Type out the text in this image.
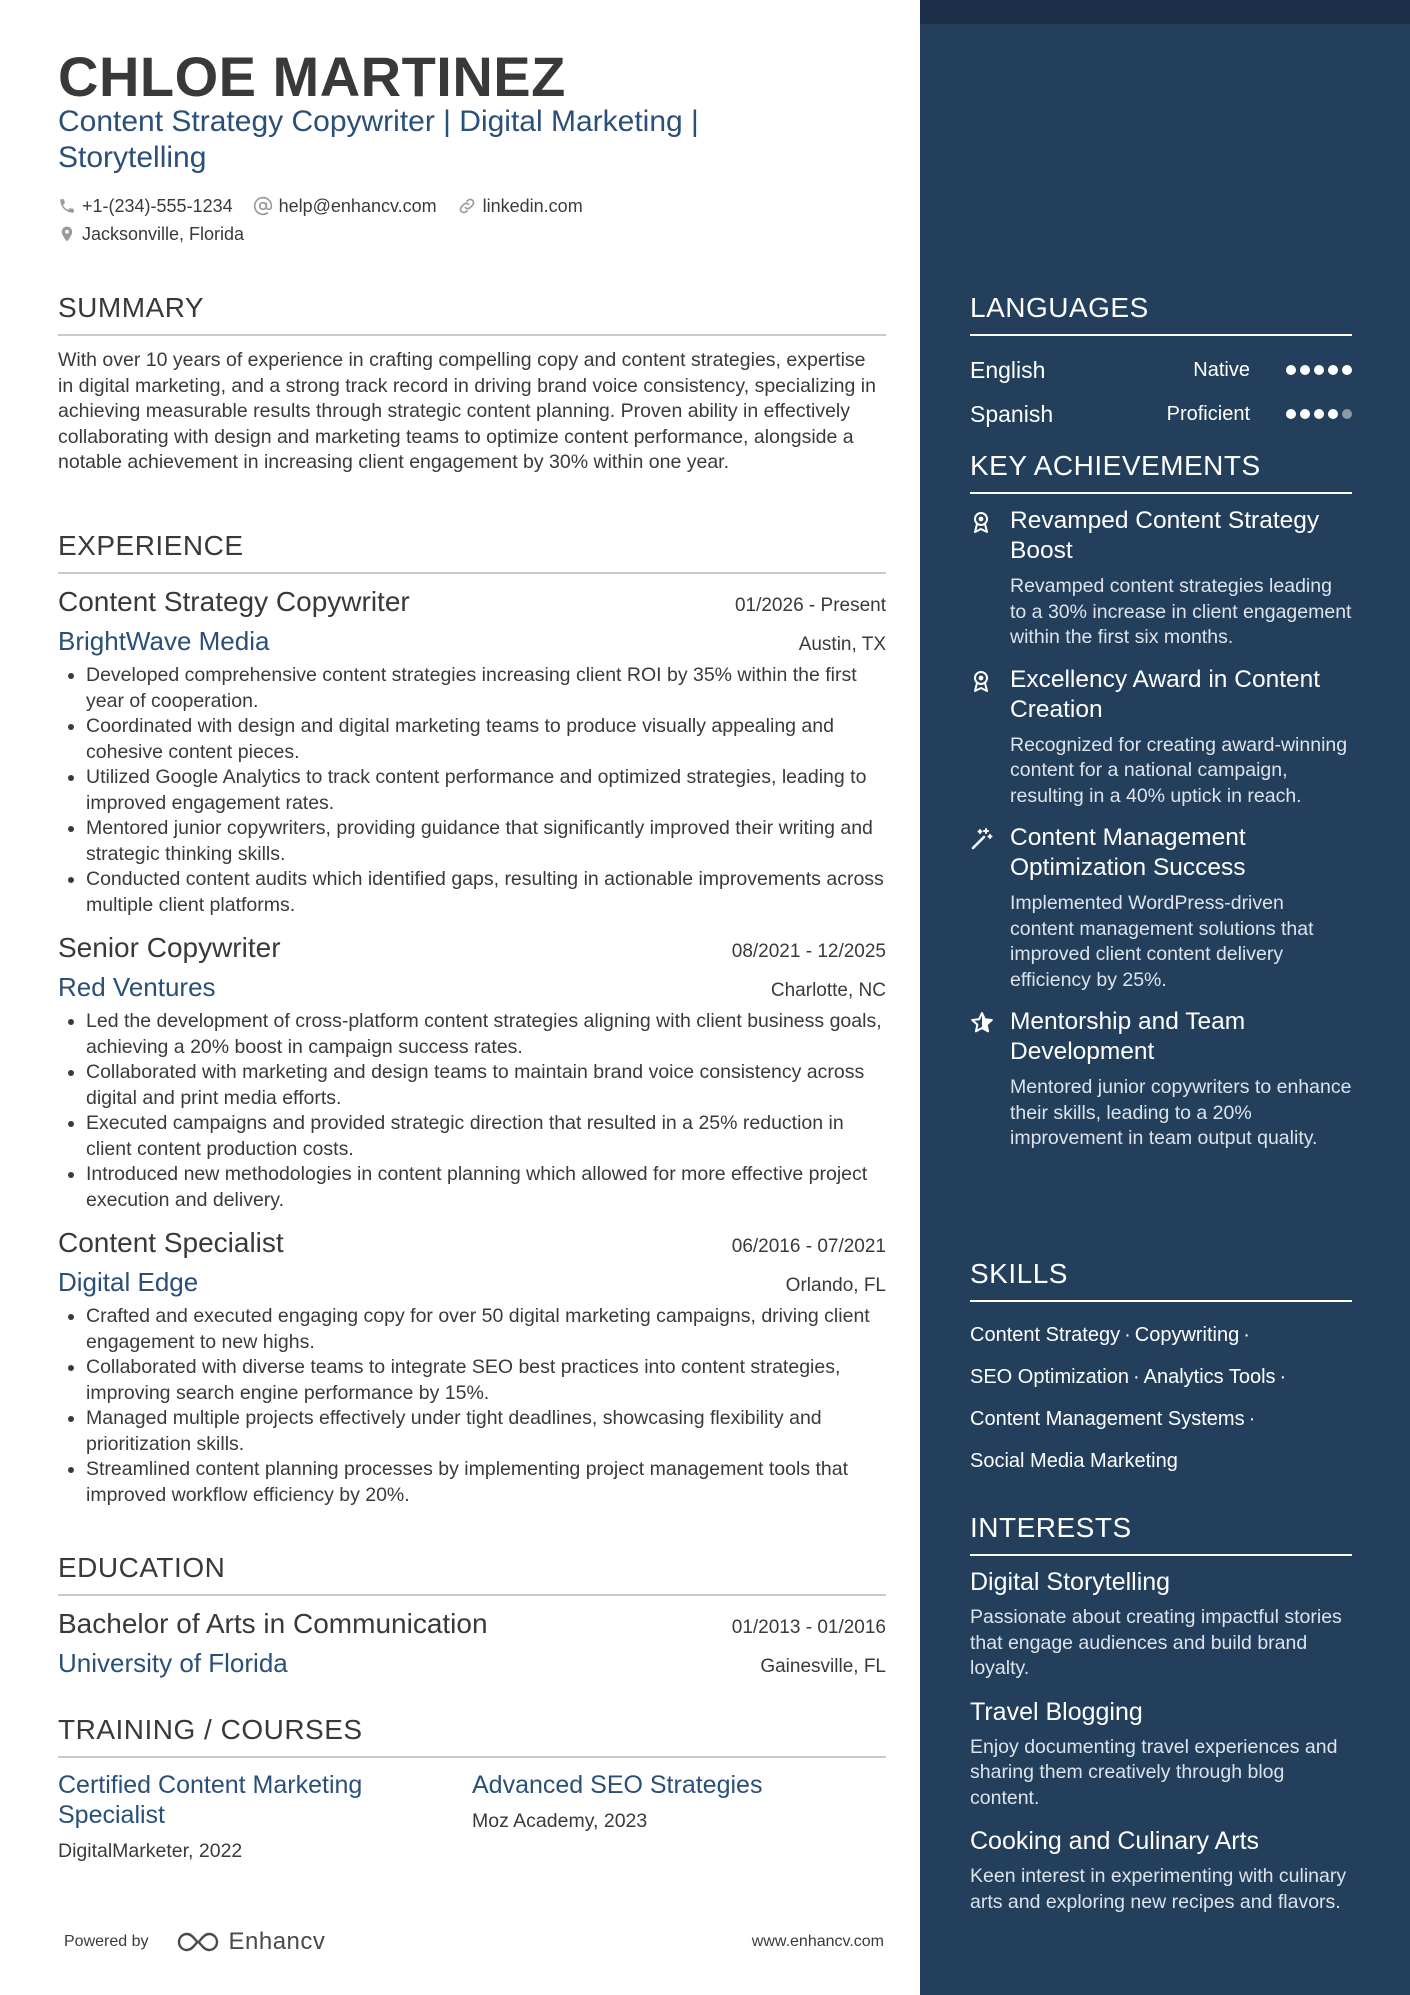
CHLOE MARTINEZ
Content Strategy Copywriter | Digital Marketing |
Storytelling
+1-(234)-555-1234	help@enhancv.com	linkedin.com
Jacksonville, Florida
SUMMARY
With over 10 years of experience in crafting compelling copy and content strategies, expertise in digital marketing, and a strong track record in driving brand voice consistency, specializing in achieving measurable results through strategic content planning. Proven ability in effectively collaborating with design and marketing teams to optimize content performance, alongside a notable achievement in increasing client engagement by 30% within one year.
EXPERIENCE
Content Strategy Copywriter	01/2026 - Present
BrightWave Media	Austin, TX
• Developed comprehensive content strategies increasing client ROI by 35% within the first year of cooperation.
• Coordinated with design and digital marketing teams to produce visually appealing and cohesive content pieces.
• Utilized Google Analytics to track content performance and optimized strategies, leading to improved engagement rates.
• Mentored junior copywriters, providing guidance that significantly improved their writing and strategic thinking skills.
• Conducted content audits which identified gaps, resulting in actionable improvements across multiple client platforms.
Senior Copywriter	08/2021 - 12/2025
Red Ventures	Charlotte, NC
• Led the development of cross-platform content strategies aligning with client business goals, achieving a 20% boost in campaign success rates.
• Collaborated with marketing and design teams to maintain brand voice consistency across digital and print media efforts.
• Executed campaigns and provided strategic direction that resulted in a 25% reduction in client content production costs.
• Introduced new methodologies in content planning which allowed for more effective project execution and delivery.
Content Specialist	06/2016 - 07/2021
Digital Edge	Orlando, FL
• Crafted and executed engaging copy for over 50 digital marketing campaigns, driving client engagement to new highs.
• Collaborated with diverse teams to integrate SEO best practices into content strategies, improving search engine performance by 15%.
• Managed multiple projects effectively under tight deadlines, showcasing flexibility and prioritization skills.
• Streamlined content planning processes by implementing project management tools that improved workflow efficiency by 20%.
EDUCATION
Bachelor of Arts in Communication	01/2013 - 01/2016
University of Florida	Gainesville, FL
TRAINING / COURSES
Certified Content Marketing Specialist
DigitalMarketer, 2022
Advanced SEO Strategies
Moz Academy, 2023
Powered by	Enhancv	www.enhancv.com
LANGUAGES
English	Native
Spanish	Proficient
KEY ACHIEVEMENTS
Revamped Content Strategy Boost
Revamped content strategies leading to a 30% increase in client engagement within the first six months.
Excellency Award in Content Creation
Recognized for creating award-winning content for a national campaign, resulting in a 40% uptick in reach.
Content Management Optimization Success
Implemented WordPress-driven content management solutions that improved client content delivery efficiency by 25%.
Mentorship and Team Development
Mentored junior copywriters to enhance their skills, leading to a 20% improvement in team output quality.
SKILLS
Content Strategy · Copywriting ·
SEO Optimization · Analytics Tools ·
Content Management Systems ·
Social Media Marketing
INTERESTS
Digital Storytelling
Passionate about creating impactful stories that engage audiences and build brand loyalty.
Travel Blogging
Enjoy documenting travel experiences and sharing them creatively through blog content.
Cooking and Culinary Arts
Keen interest in experimenting with culinary arts and exploring new recipes and flavors.
